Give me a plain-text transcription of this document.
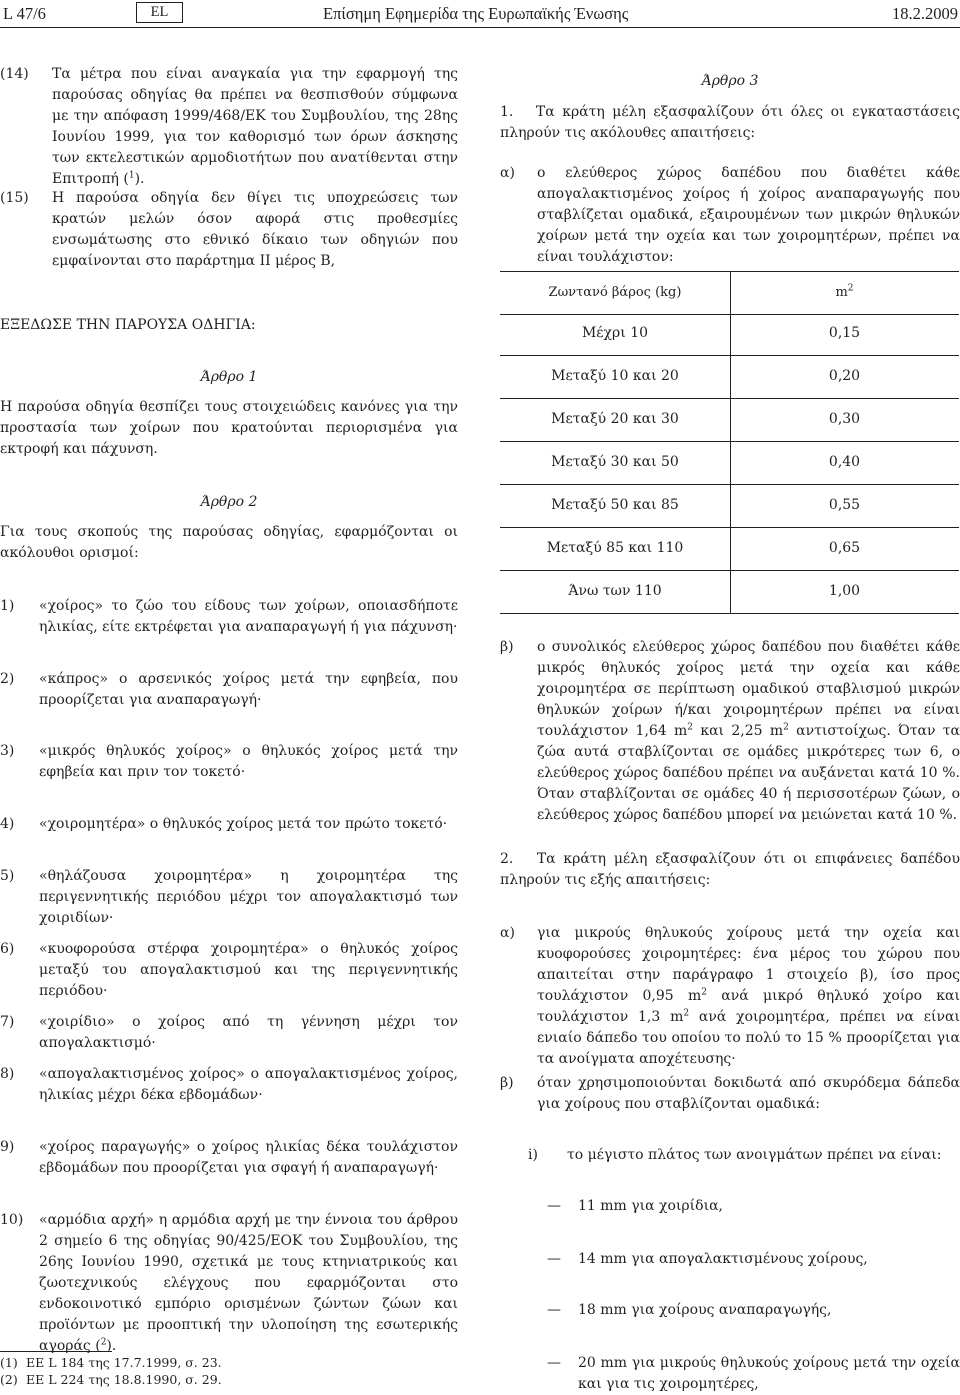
L 47/6	EL	Επίσημη Εφημερίδα της Ευρωπαϊκής Ένωσης	18.2.2009
(14) Τα μέτρα που είναι αναγκαία για την εφαρμογή της παρούσας οδηγίας θα πρέπει να θεσπισθούν σύμφωνα με την απόφαση 1999/468/ΕΚ του Συμβουλίου, της 28ης Ιουνίου 1999, για τον καθορισμό των όρων άσκησης των εκτελεστικών αρμοδιοτήτων που ανατίθενται στην Επιτροπή ($^1$).
(15) Η παρούσα οδηγία δεν θίγει τις υποχρεώσεις των κρατών μελών όσον αφορά στις προθεσμίες ενσωμάτωσης στο εθνικό δίκαιο των οδηγιών που εμφαίνονται στο παράρτημα ΙΙ μέρος Β,
ΕΞΕΔΩΣΕ ΤΗΝ ΠΑΡΟΥΣΑ ΟΔΗΓΙΑ:
Άρθρο 1
Η παρούσα οδηγία θεσπίζει τους στοιχειώδεις κανόνες για την προστασία των χοίρων που κρατούνται περιορισμένα για εκτροφή και πάχυνση.
Άρθρο 2
Για τους σκοπούς της παρούσας οδηγίας, εφαρμόζονται οι ακόλουθοι ορισμοί:
1) «χοίρος» το ζώο του είδους των χοίρων, οποιασδήποτε ηλικίας, είτε εκτρέφεται για αναπαραγωγή ή για πάχυνση·
2) «κάπρος» ο αρσενικός χοίρος μετά την εφηβεία, που προορίζεται για αναπαραγωγή·
3) «μικρός θηλυκός χοίρος» ο θηλυκός χοίρος μετά την εφηβεία και πριν τον τοκετό·
4) «χοιρομητέρα» ο θηλυκός χοίρος μετά τον πρώτο τοκετό·
5) «θηλάζουσα χοιρομητέρα» η χοιρομητέρα της περιγεννητικής περιόδου μέχρι τον απογαλακτισμό των χοιριδίων·
6) «κυοφορούσα στέρφα χοιρομητέρα» ο θηλυκός χοίρος μεταξύ του απογαλακτισμού και της περιγεννητικής περιόδου·
7) «χοιρίδιο» ο χοίρος από τη γέννηση μέχρι τον απογαλακτισμό·
8) «απογαλακτισμένος χοίρος» ο απογαλακτισμένος χοίρος, ηλικίας μέχρι δέκα εβδομάδων·
9) «χοίρος παραγωγής» ο χοίρος ηλικίας δέκα τουλάχιστον εβδομάδων που προορίζεται για σφαγή ή αναπαραγωγή·
10) «αρμόδια αρχή» η αρμόδια αρχή με την έννοια του άρθρου 2 σημείο 6 της οδηγίας 90/425/ΕΟΚ του Συμβουλίου, της 26ης Ιουνίου 1990, σχετικά με τους κτηνιατρικούς και ζωοτεχνικούς ελέγχους που εφαρμόζονται στο ενδοκοινοτικό εμπόριο ορισμένων ζώντων ζώων και προϊόντων με προοπτική την υλοποίηση της εσωτερικής αγοράς ($^2$).
(1) ΕΕ L 184 της 17.7.1999, σ. 23.
(2) ΕΕ L 224 της 18.8.1990, σ. 29.
Άρθρο 3
1.   Τα κράτη μέλη εξασφαλίζουν ότι όλες οι εγκαταστάσεις πληρούν τις ακόλουθες απαιτήσεις:
α) ο ελεύθερος χώρος δαπέδου που διαθέτει κάθε απογαλακτισμένος χοίρος ή χοίρος αναπαραγωγής που σταβλίζεται ομαδικά, εξαιρουμένων των μικρών θηλυκών χοίρων μετά την οχεία και των χοιρομητέρων, πρέπει να είναι τουλάχιστον:
Ζωντανό βάρος (kg)	$m^2$
Μέχρι 10	0,15
Μεταξύ 10 και 20	0,20
Μεταξύ 20 και 30	0,30
Μεταξύ 30 και 50	0,40
Μεταξύ 50 και 85	0,55
Μεταξύ 85 και 110	0,65
Άνω των 110	1,00
β) ο συνολικός ελεύθερος χώρος δαπέδου που διαθέτει κάθε μικρός θηλυκός χοίρος μετά την οχεία και κάθε χοιρομητέρα σε περίπτωση ομαδικού σταβλισμού μικρών θηλυκών χοίρων ή/και χοιρομητέρων πρέπει να είναι τουλάχιστον 1,64 $m^2$ και 2,25 $m^2$ αντιστοίχως. Όταν τα ζώα αυτά σταβλίζονται σε ομάδες μικρότερες των 6, ο ελεύθερος χώρος δαπέδου πρέπει να αυξάνεται κατά 10 %. Όταν σταβλίζονται σε ομάδες 40 ή περισσοτέρων ζώων, ο ελεύθερος χώρος δαπέδου μπορεί να μειώνεται κατά 10 %.
2.   Τα κράτη μέλη εξασφαλίζουν ότι οι επιφάνειες δαπέδου πληρούν τις εξής απαιτήσεις:
α) για μικρούς θηλυκούς χοίρους μετά την οχεία και κυοφορούσες χοιρομητέρες: ένα μέρος του χώρου που απαιτείται στην παράγραφο 1 στοιχείο β), ίσο προς τουλάχιστον 0,95 $m^2$ ανά μικρό θηλυκό χοίρο και τουλάχιστον 1,3 $m^2$ ανά χοιρομητέρα, πρέπει να είναι ενιαίο δάπεδο του οποίου το πολύ το 15 % προορίζεται για τα ανοίγματα αποχέτευσης·
β) όταν χρησιμοποιούνται δοκιδωτά από σκυρόδεμα δάπεδα για χοίρους που σταβλίζονται ομαδικά:
i) το μέγιστο πλάτος των ανοιγμάτων πρέπει να είναι:
— 11 mm για χοιρίδια,
— 14 mm για απογαλακτισμένους χοίρους,
— 18 mm για χοίρους αναπαραγωγής,
— 20 mm για μικρούς θηλυκούς χοίρους μετά την οχεία και για τις χοιρομητέρες,
